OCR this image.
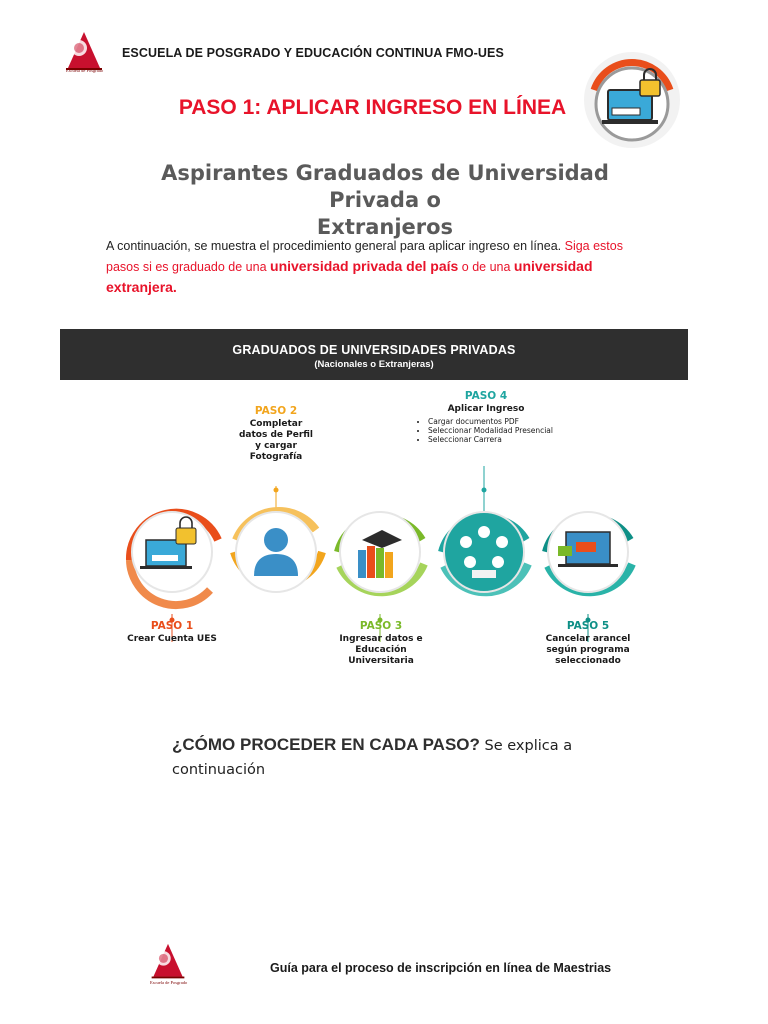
Escuela de Posgrado
ESCUELA DE POSGRADO Y EDUCACIÓN CONTINUA FMO-UES
PASO 1: APLICAR INGRESO EN LÍNEA
Aspirantes Graduados de Universidad Privada o
Extranjeros
A continuación, se muestra el procedimiento general para aplicar ingreso en línea. Siga estos pasos si es graduado de una universidad privada del país o de una universidad extranjera.
GRADUADOS DE UNIVERSIDADES PRIVADAS
(Nacionales o Extranjeras)
PASO 2
Completar datos de Perfil y cargar Fotografía
PASO 4
Aplicar Ingreso
• Cargar documentos PDF
• Seleccionar Modalidad Presencial
• Seleccionar Carrera
PASO 1
Crear Cuenta UES
PASO 3
Ingresar datos e Educación Universitaria
PASO 5
Cancelar arancel según programa seleccionado
¿CÓMO PROCEDER EN CADA PASO? Se explica a continuación
Escuela de Posgrado
Guía para el proceso de inscripción en línea de Maestrias
